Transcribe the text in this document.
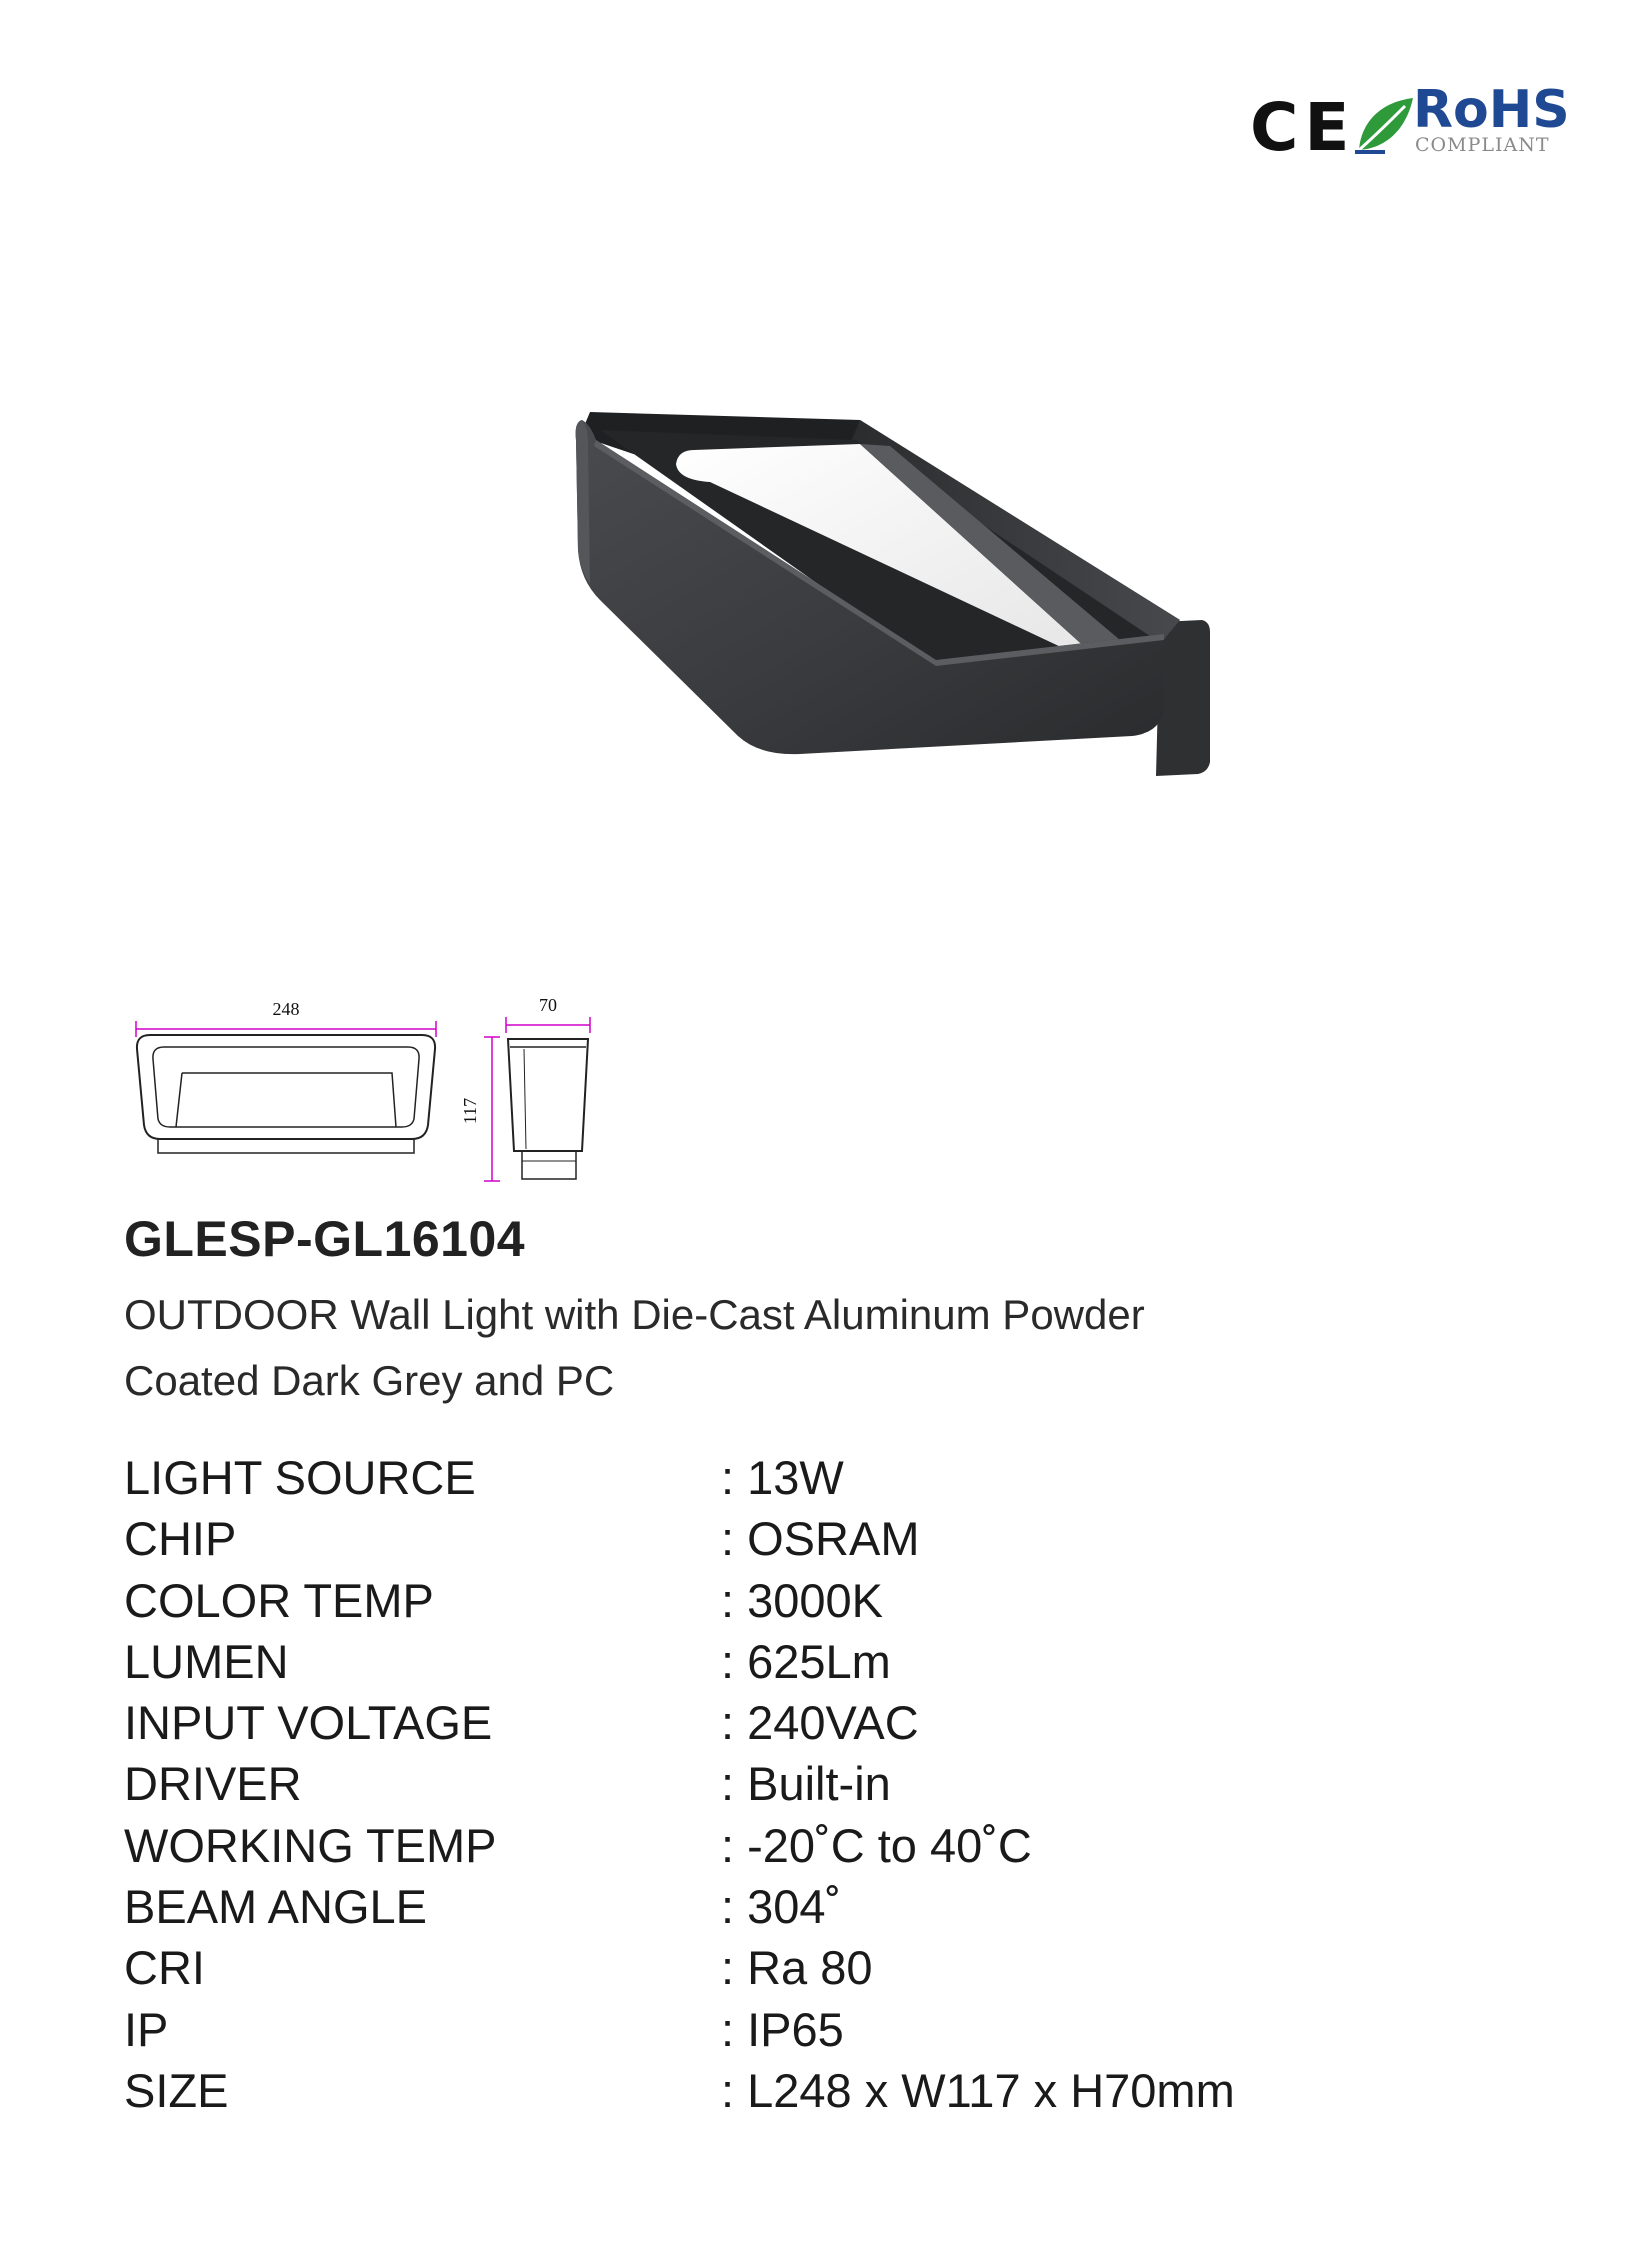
CE RoHS
COMPLIANT
248	70
117
GLESP-GL16104
OUTDOOR Wall Light with Die-Cast Aluminum Powder
Coated Dark Grey and PC
LIGHT SOURCE	: 13W
CHIP	: OSRAM
COLOR TEMP	: 3000K
LUMEN	: 625Lm
INPUT VOLTAGE	: 240VAC
DRIVER	: Built-in
WORKING TEMP	: -20˚C to 40˚C
BEAM ANGLE	: 304˚
CRI	: Ra 80
IP	: IP65
SIZE	: L248 x W117 x H70mm
